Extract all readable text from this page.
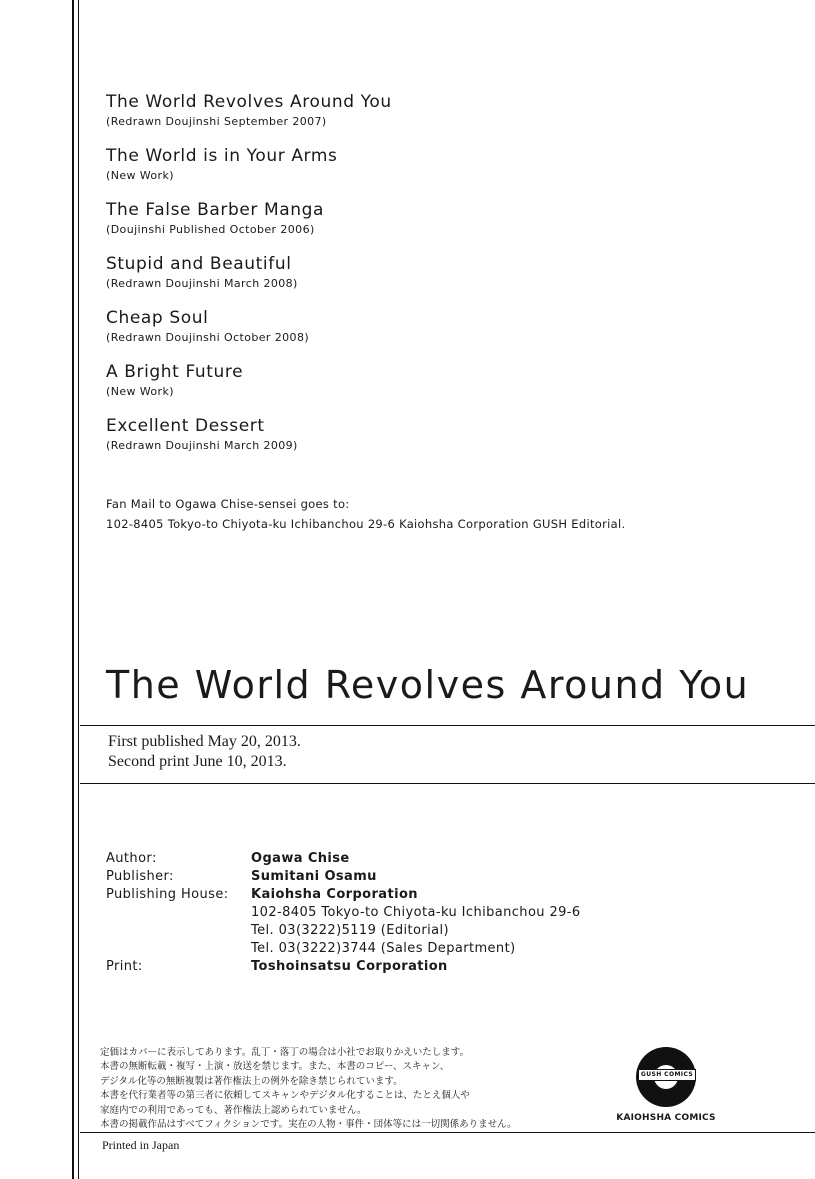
The World Revolves Around You
(Redrawn Doujinshi September 2007)
The World is in Your Arms
(New Work)
The False Barber Manga
(Doujinshi Published October 2006)
Stupid and Beautiful
(Redrawn Doujinshi March 2008)
Cheap Soul
(Redrawn Doujinshi October 2008)
A Bright Future
(New Work)
Excellent Dessert
(Redrawn Doujinshi March 2009)
Fan Mail to Ogawa Chise-sensei goes to:
102-8405 Tokyo-to Chiyota-ku Ichibanchou 29-6 Kaiohsha Corporation GUSH Editorial.
The World Revolves Around You
First published May 20, 2013.
Second print June 10, 2013.
Author:	Ogawa Chise
Publisher:	Sumitani Osamu
Publishing House:	Kaiohsha Corporation
102-8405 Tokyo-to Chiyota-ku Ichibanchou 29-6
Tel. 03(3222)5119 (Editorial)
Tel. 03(3222)3744 (Sales Department)
Print:	Toshoinsatsu Corporation
定価はカバーに表示してあります。乱丁・落丁の場合は小社でお取りかえいたします。
本書の無断転載・複写・上演・放送を禁じます。また、本書のコピー、スキャン、
デジタル化等の無断複製は著作権法上の例外を除き禁じられています。
本書を代行業者等の第三者に依頼してスキャンやデジタル化することは、たとえ個人や
家庭内での利用であっても、著作権法上認められていません。
本書の掲載作品はすべてフィクションです。実在の人物・事件・団体等には一切関係ありません。
GUSH COMICS
KAIOHSHA COMICS
Printed in Japan
